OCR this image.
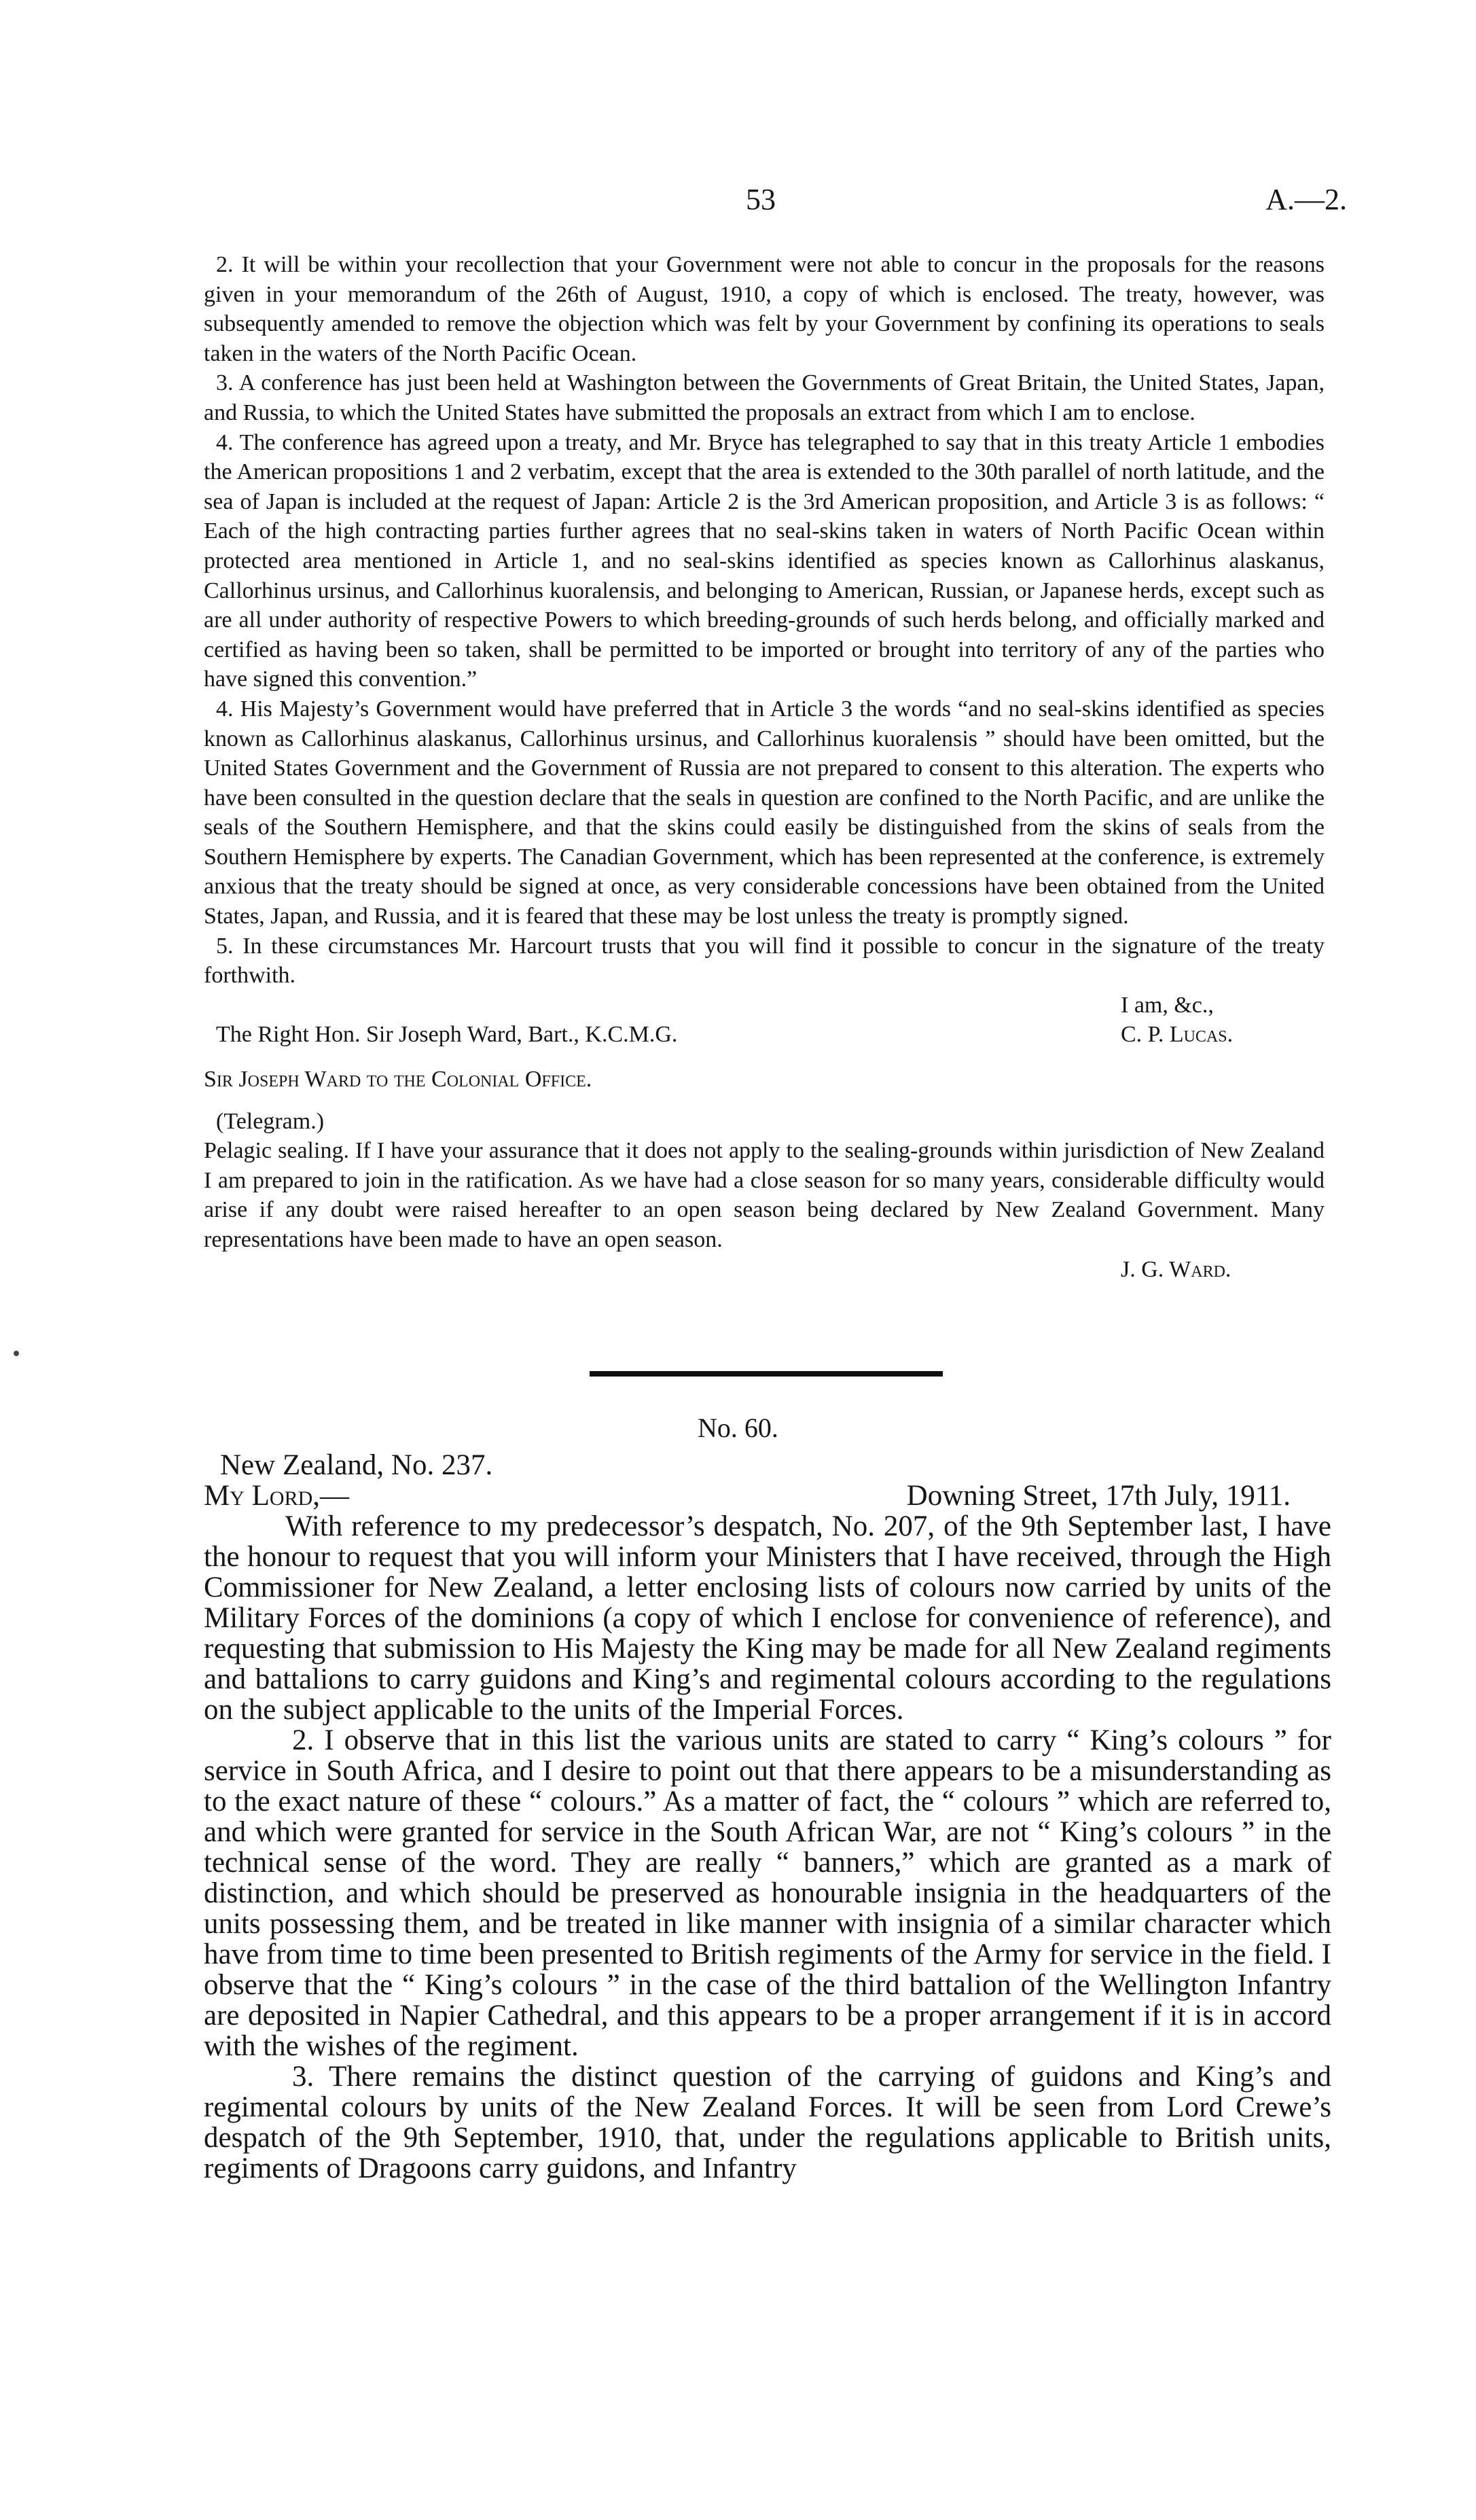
53	A.—2.

2. It will be within your recollection that your Government were not able to concur in the proposals for the reasons given in your memorandum of the 26th of August, 1910, a copy of which is enclosed. The treaty, however, was subsequently amended to remove the objection which was felt by your Government by confining its operations to seals taken in the waters of the North Pacific Ocean.

3. A conference has just been held at Washington between the Governments of Great Britain, the United States, Japan, and Russia, to which the United States have submitted the proposals an extract from which I am to enclose.

4. The conference has agreed upon a treaty, and Mr. Bryce has telegraphed to say that in this treaty Article 1 embodies the American propositions 1 and 2 verbatim, except that the area is extended to the 30th parallel of north latitude, and the sea of Japan is included at the request of Japan: Article 2 is the 3rd American proposition, and Article 3 is as follows: “ Each of the high contracting parties further agrees that no seal-skins taken in waters of North Pacific Ocean within protected area mentioned in Article 1, and no seal-skins identified as species known as Callorhinus alaskanus, Callorhinus ursinus, and Callorhinus kuoralensis, and belonging to American, Russian, or Japanese herds, except such as are all under authority of respective Powers to which breeding-grounds of such herds belong, and officially marked and certified as having been so taken, shall be permitted to be imported or brought into territory of any of the parties who have signed this convention.”

4. His Majesty’s Government would have preferred that in Article 3 the words “and no seal-skins identified as species known as Callorhinus alaskanus, Callorhinus ursinus, and Callorhinus kuoralensis ” should have been omitted, but the United States Government and the Government of Russia are not prepared to consent to this alteration. The experts who have been consulted in the question declare that the seals in question are confined to the North Pacific, and are unlike the seals of the Southern Hemisphere, and that the skins could easily be distinguished from the skins of seals from the Southern Hemisphere by experts. The Canadian Government, which has been represented at the conference, is extremely anxious that the treaty should be signed at once, as very considerable concessions have been obtained from the United States, Japan, and Russia, and it is feared that these may be lost unless the treaty is promptly signed.

5. In these circumstances Mr. Harcourt trusts that you will find it possible to concur in the signature of the treaty forthwith.

I am, &c.,
The Right Hon. Sir Joseph Ward, Bart., K.C.M.G.	C. P. Lucas.

Sir Joseph Ward to the Colonial Office.

(Telegram.)

Pelagic sealing. If I have your assurance that it does not apply to the sealing-grounds within jurisdiction of New Zealand I am prepared to join in the ratification. As we have had a close season for so many years, considerable difficulty would arise if any doubt were raised hereafter to an open season being declared by New Zealand Government. Many representations have been made to have an open season.

J. G. Ward.
No. 60.

New Zealand, No. 237.

My Lord,—	Downing Street, 17th July, 1911.

With reference to my predecessor’s despatch, No. 207, of the 9th September last, I have the honour to request that you will inform your Ministers that I have received, through the High Commissioner for New Zealand, a letter enclosing lists of colours now carried by units of the Military Forces of the dominions (a copy of which I enclose for convenience of reference), and requesting that submission to His Majesty the King may be made for all New Zealand regiments and battalions to carry guidons and King’s and regimental colours according to the regulations on the subject applicable to the units of the Imperial Forces.

2. I observe that in this list the various units are stated to carry “ King’s colours ” for service in South Africa, and I desire to point out that there appears to be a misunderstanding as to the exact nature of these “ colours.” As a matter of fact, the “ colours ” which are referred to, and which were granted for service in the South African War, are not “ King’s colours ” in the technical sense of the word. They are really “ banners,” which are granted as a mark of distinction, and which should be preserved as honourable insignia in the headquarters of the units possessing them, and be treated in like manner with insignia of a similar character which have from time to time been presented to British regiments of the Army for service in the field. I observe that the “ King’s colours ” in the case of the third battalion of the Wellington Infantry are deposited in Napier Cathedral, and this appears to be a proper arrangement if it is in accord with the wishes of the regiment.

3. There remains the distinct question of the carrying of guidons and King’s and regimental colours by units of the New Zealand Forces. It will be seen from Lord Crewe’s despatch of the 9th September, 1910, that, under the regulations applicable to British units, regiments of Dragoons carry guidons, and Infantry
